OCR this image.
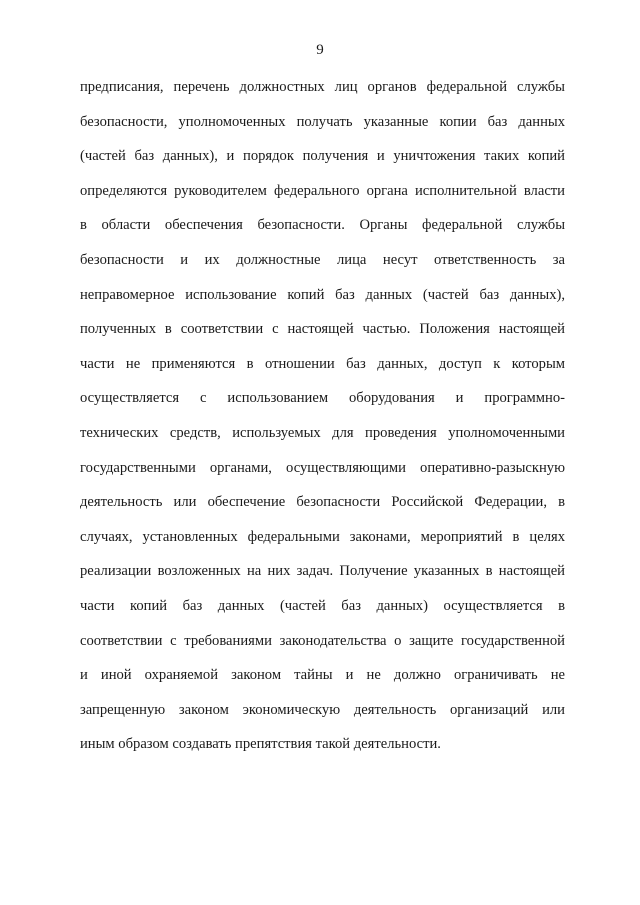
9
предписания, перечень должностных лиц органов федеральной службы
безопасности, уполномоченных получать указанные копии баз данных
(частей баз данных), и порядок получения и уничтожения таких копий
определяются руководителем федерального органа исполнительной власти
в области обеспечения безопасности. Органы федеральной службы
безопасности и их должностные лица несут ответственность за
неправомерное использование копий баз данных (частей баз данных),
полученных в соответствии с настоящей частью. Положения настоящей
части не применяются в отношении баз данных, доступ к которым
осуществляется с использованием оборудования и программно-
технических средств, используемых для проведения уполномоченными
государственными органами, осуществляющими оперативно-разыскную
деятельность или обеспечение безопасности Российской Федерации, в
случаях, установленных федеральными законами, мероприятий в целях
реализации возложенных на них задач. Получение указанных в настоящей
части копий баз данных (частей баз данных) осуществляется в
соответствии с требованиями законодательства о защите государственной
и иной охраняемой законом тайны и не должно ограничивать не
запрещенную законом экономическую деятельность организаций или
иным образом создавать препятствия такой деятельности.
